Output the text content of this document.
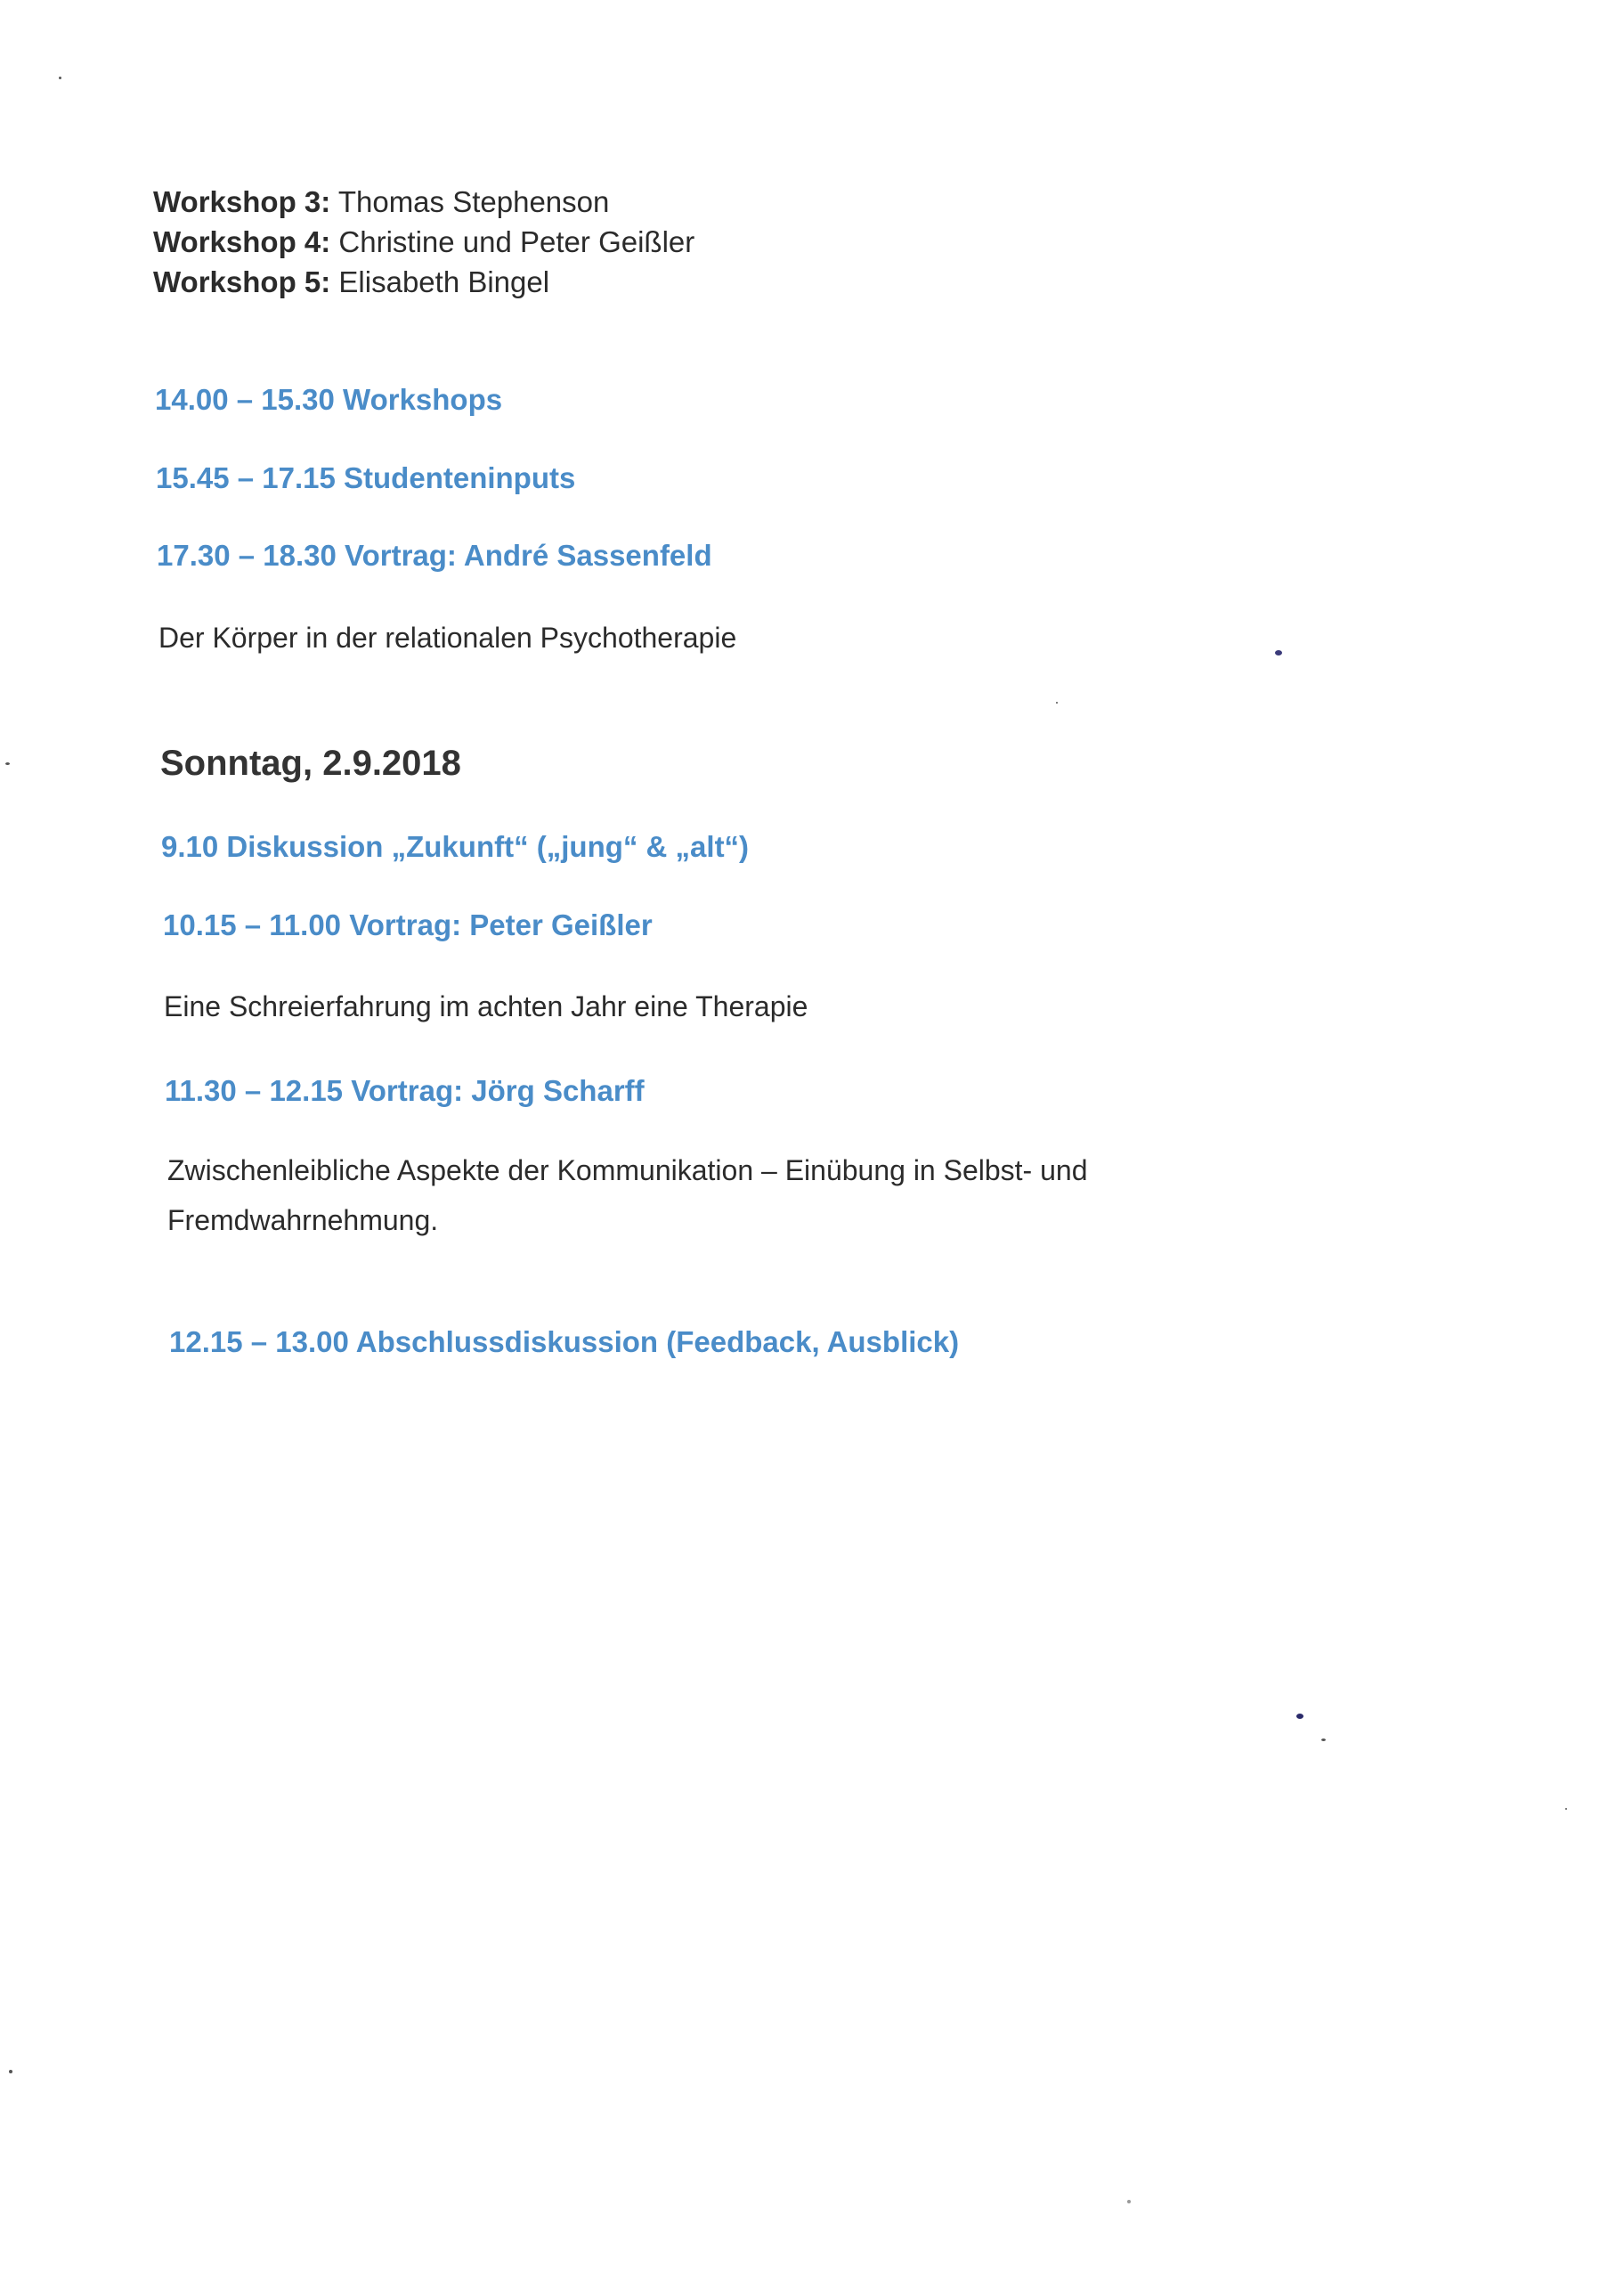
Workshop 3: Thomas Stephenson
Workshop 4: Christine und Peter Geißler
Workshop 5: Elisabeth Bingel
14.00 – 15.30 Workshops
15.45 – 17.15 Studenteninputs
17.30 – 18.30 Vortrag: André Sassenfeld
Der Körper in der relationalen Psychotherapie
Sonntag, 2.9.2018
9.10 Diskussion „Zukunft“ („jung“ & „alt“)
10.15 – 11.00 Vortrag: Peter Geißler
Eine Schreierfahrung im achten Jahr eine Therapie
11.30 – 12.15 Vortrag: Jörg Scharff
Zwischenleibliche Aspekte der Kommunikation – Einübung in Selbst- und
Fremdwahrnehmung.
12.15 – 13.00 Abschlussdiskussion (Feedback, Ausblick)
